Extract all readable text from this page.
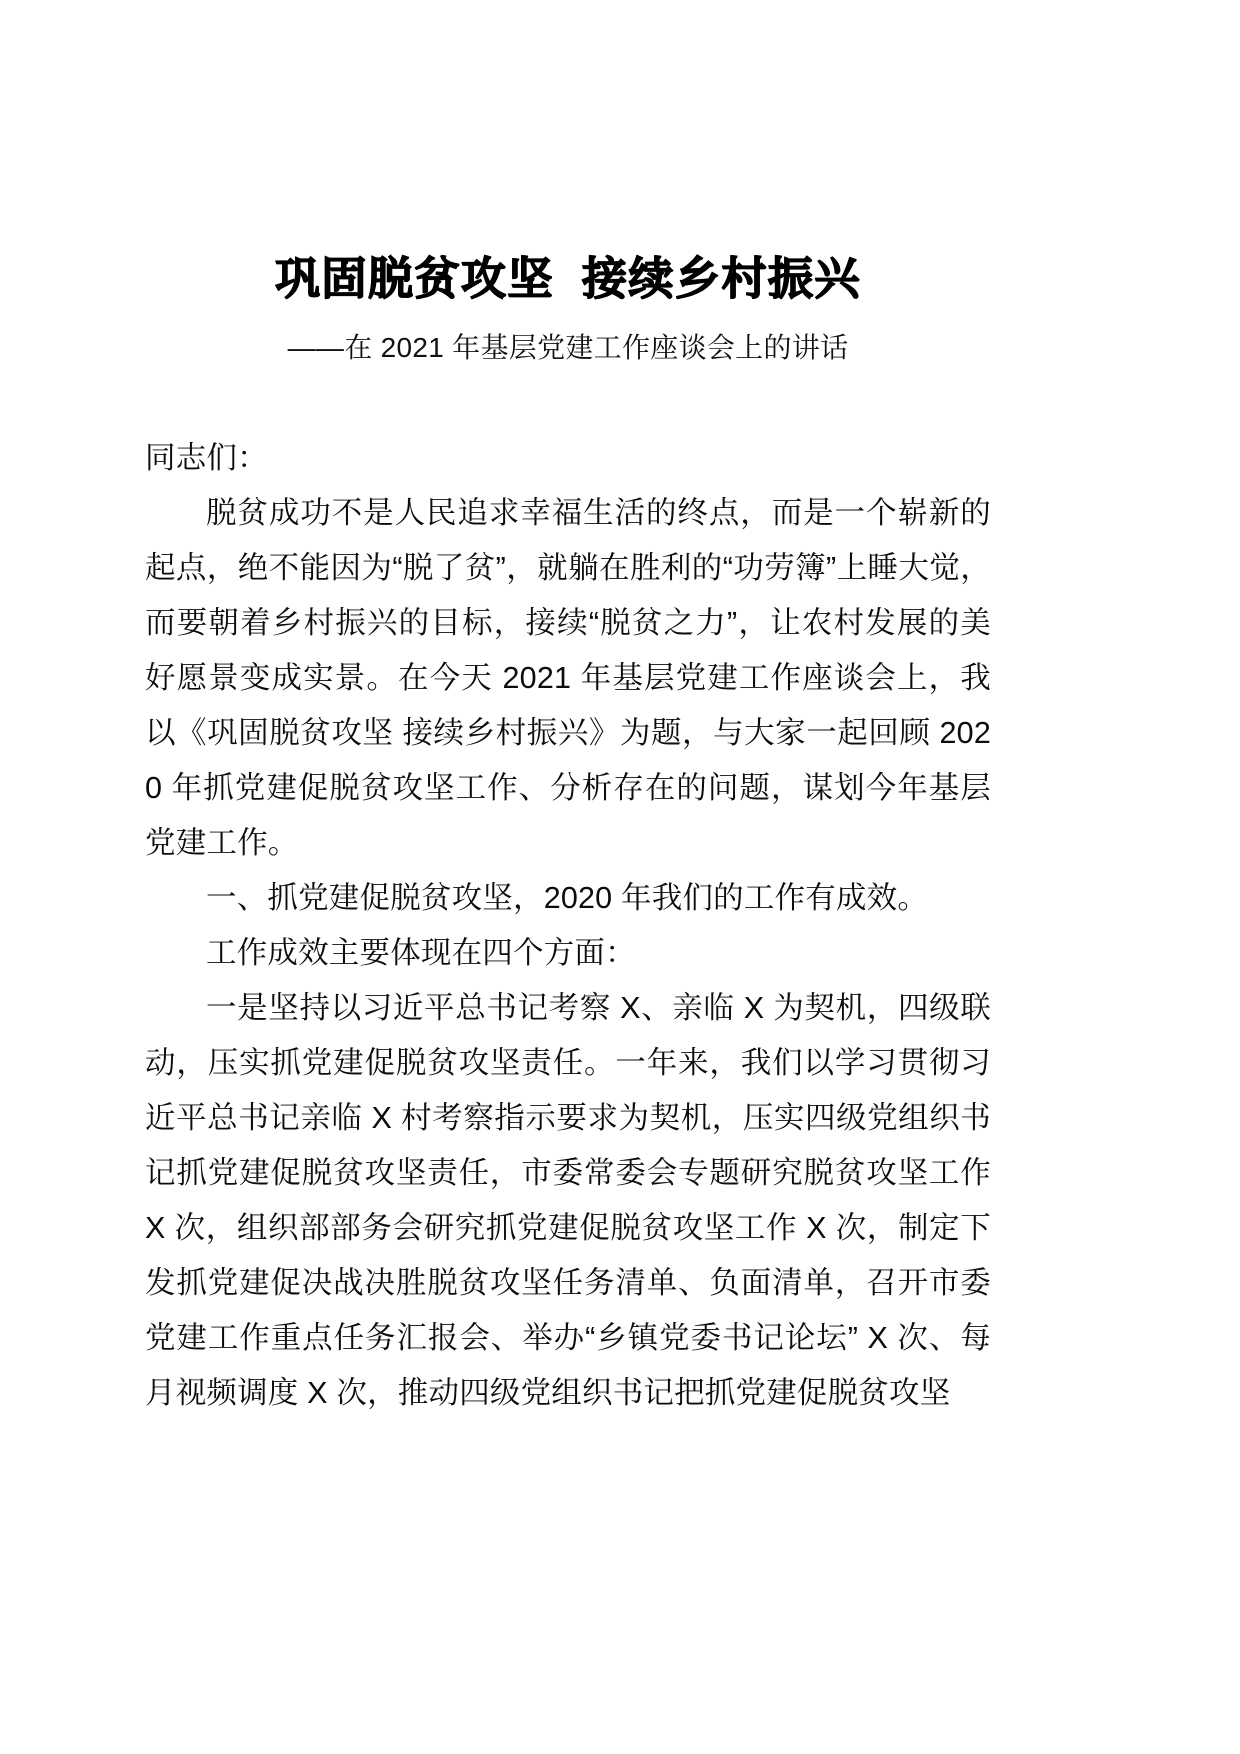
巩固脱贫攻坚  接续乡村振兴

——在 2021 年基层党建工作座谈会上的讲话

同志们：

脱贫成功不是人民追求幸福生活的终点，而是一个崭新的起点，绝不能因为“脱了贫”，就躺在胜利的“功劳簿”上睡大觉，而要朝着乡村振兴的目标，接续“脱贫之力”，让农村发展的美好愿景变成实景。在今天 2021 年基层党建工作座谈会上，我以《巩固脱贫攻坚 接续乡村振兴》为题，与大家一起回顾 2020 年抓党建促脱贫攻坚工作、分析存在的问题，谋划今年基层党建工作。

一、抓党建促脱贫攻坚，2020 年我们的工作有成效。

工作成效主要体现在四个方面：

一是坚持以习近平总书记考察 X、亲临 X 为契机，四级联动，压实抓党建促脱贫攻坚责任。一年来，我们以学习贯彻习近平总书记亲临 X 村考察指示要求为契机，压实四级党组织书记抓党建促脱贫攻坚责任，市委常委会专题研究脱贫攻坚工作 X 次，组织部部务会研究抓党建促脱贫攻坚工作 X 次，制定下发抓党建促决战决胜脱贫攻坚任务清单、负面清单，召开市委党建工作重点任务汇报会、举办“乡镇党委书记论坛” X 次、每月视频调度 X 次，推动四级党组织书记把抓党建促脱贫攻坚
